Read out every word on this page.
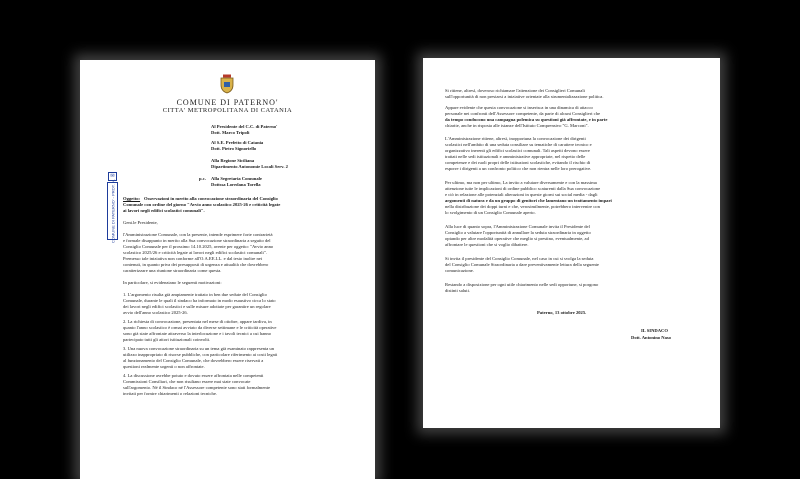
COMUNE DI PATERNO'
CITTA' METROPOLITANA DI CATANIA
Al Presidente del C.C. di Paterno'
Dott. Marco Tripoli
Al S.E. Prefetto di Catania
Dott. Pietro Signoriello
Alla Regione Siciliana
Dipartimento Autonomie Locali Serv. 2
p.c. Alla Segretaria Comunale
Dottssa Loredana Torella
✉
COMUNE DI PATERNO' - PROT. N. Oggetto: Osservazioni in merito alla convocazione straordinaria del Consiglio
Comunale con ordine del giorno "Avvio anno scolastico 2025-26 e criticità legate
ai lavori negli edifici scolastici comunali".
Gent.le Presidente,
l'Amministrazione Comunale, con la presente, intende esprimere forte contrarietà
e formale disappunto in merito alla Sua convocazione straordinaria a seguito del
Consiglio Comunale per il prossimo 14.10.2025, avente per oggetto: "Avvio anno
scolastico 2025/26 e criticità legate ai lavori negli edifici scolastici comunali".
Premesso tale iniziativa non conforme all'O.A.EE.LL. e dal testo inoltre nei
contenuti, in quanto priva dei presupposti di urgenza e attualità che dovrebbero
caratterizzare una riunione straordinaria come questa.
In particolare, si evidenziano le seguenti motivazioni:
1. L'argomento risulta già ampiamente trattato in ben due sedute del Consiglio
Comunale, durante le quali il sindaco ha informato in modo esaustivo circa lo stato
dei lavori negli edifici scolastici e sulle misure adottate per garantire un regolare
avvio dell'anno scolastico 2025-26.
2. La richiesta di convocazione, presentata nel mese di ottobre, appare tardiva, in
quanto l'anno scolastico è ormai avviato da diverse settimane e le criticità operative
sono già state affrontate attraverso la interlocuzione e i tavoli tecnici a cui hanno
partecipato tutti gli attori istituzionali coinvolti.
3. Una nuova convocazione straordinaria su un tema già esaminato rappresenta un
utilizzo inappropriato di risorse pubbliche, con particolare riferimento ai costi legati
al funzionamento del Consiglio Comunale, che dovrebbero essere riservati a
questioni realmente urgenti o non affrontate.
4. La discussione avrebbe potuto e dovuto essere affrontata nelle competenti
Commissioni Consiliari, che non risultano essere mai state convocate
sull'argomento. Né il Sindaco né l'Assessore competente sono stati formalmente
invitati per fornire chiarimenti o relazioni tecniche.
Si ritiene, altresì, doveroso richiamare l'attenzione dei Consiglieri Comunali
sull'opportunità di non prestarsi a iniziative orientate alla strumentalizzazione politica.
Appare evidente che questa convocazione si inserisca in una dinamica di attacco
personale nei confronti dell'Assessore competente, da parte di alcuni Consiglieri che
da tempo conducono una campagna polemica su questioni già affrontate, e in parte
chiarite, anche in risposta alle istanze dell'Istituto Comprensivo "G. Marconi".
L'Amministrazione ritiene, altresì, inopportuna la convocazione dei dirigenti
scolastici nell'ambito di una seduta consiliare su tematiche di carattere tecnico e
organizzativo inerenti gli edifici scolastici comunali. Tali aspetti devono essere
trattati nelle sedi istituzionali e amministrative appropriate, nel rispetto delle
competenze e dei ruoli propri delle istituzioni scolastiche, evitando il rischio di
esporre i dirigenti a un confronto politico che non rientra nelle loro prerogative.
Per ultimo, ma non per ultimo, La invito a valutare diversamente e con la massima
attenzione tutte le implicazioni di ordine pubblico scaturenti dalla Sua convocazione
e ciò in relazione alle potenziali alterazioni in queste giorni sui social media - dagli
argomenti di natura e da un gruppo di genitori che lamentano un trattamento impari
nella distribuzione dei doppi turni e che, verosimilmente, potrebbero intervenire con
lo svolgimento di un Consiglio Comunale aperto.
Alla luce di quanto sopra, l'Amministrazione Comunale invita il Presidente del
Consiglio a valutare l'opportunità di annullare la seduta straordinaria in oggetto
optando per altre modalità operative che meglio si prestino, eventualmente, ad
affrontare le questioni che si voglio dibattere.
Si invita il presidente del Consiglio Comunale, nel caso in cui si svolga la seduta
del Consiglio Comunale Straordinaria a dare preventivamente lettura della seguente
comunicazione.
Restando a disposizione per ogni utile chiarimento nelle sedi opportune, si porgono
distinti saluti.
Paterno, 13 ottobre 2025.
IL SINDACO
Dott. Antonino Naso
